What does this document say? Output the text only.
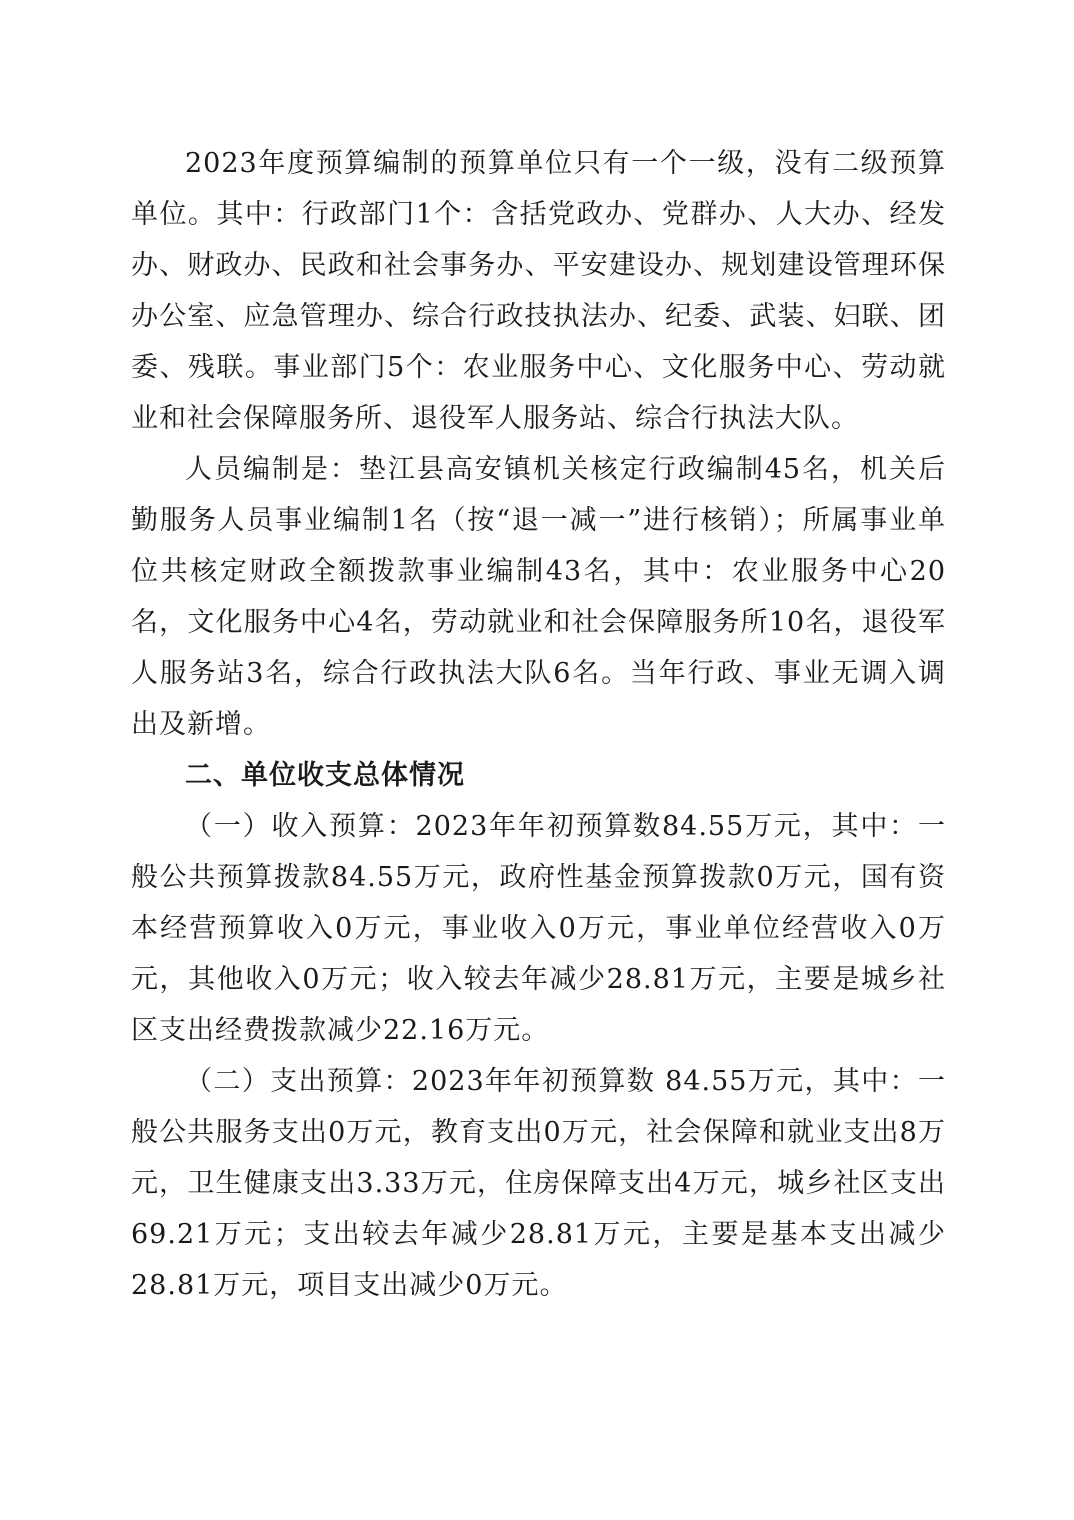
2023年度预算编制的预算单位只有一个一级，没有二级预算单位。其中：行政部门1个：含括党政办、党群办、人大办、经发办、财政办、民政和社会事务办、平安建设办、规划建设管理环保办公室、应急管理办、综合行政技执法办、纪委、武装、妇联、团委、残联。事业部门5个：农业服务中心、文化服务中心、劳动就业和社会保障服务所、退役军人服务站、综合行执法大队。

人员编制是：垫江县高安镇机关核定行政编制45名，机关后勤服务人员事业编制1名（按“退一减一”进行核销）；所属事业单位共核定财政全额拨款事业编制43名，其中：农业服务中心20名，文化服务中心4名，劳动就业和社会保障服务所10名，退役军人服务站3名，综合行政执法大队6名。当年行政、事业无调入调出及新增。

二、单位收支总体情况

（一）收入预算：2023年年初预算数84.55万元，其中：一般公共预算拨款84.55万元，政府性基金预算拨款0万元，国有资本经营预算收入0万元，事业收入0万元，事业单位经营收入0万元，其他收入0万元；收入较去年减少28.81万元，主要是城乡社区支出经费拨款减少22.16万元。

（二）支出预算：2023年年初预算数 84.55万元，其中：一般公共服务支出0万元，教育支出0万元，社会保障和就业支出8万元，卫生健康支出3.33万元，住房保障支出4万元，城乡社区支出69.21万元；支出较去年减少28.81万元，主要是基本支出减少28.81万元，项目支出减少0万元。
